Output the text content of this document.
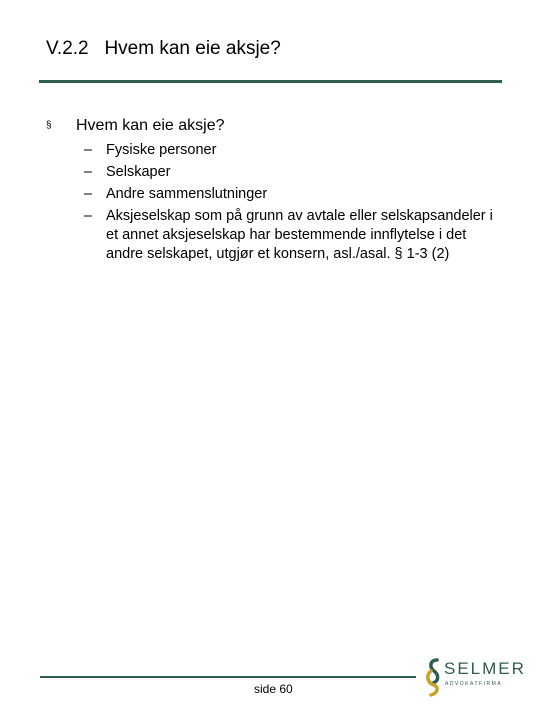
V.2.2   Hvem kan eie aksje?
§	Hvem kan eie aksje?
– Fysiske personer
– Selskaper
– Andre sammenslutninger
– Aksjeselskap som på grunn av avtale eller selskapsandeler i et annet aksjeselskap har bestemmende innflytelse i det andre selskapet, utgjør et konsern, asl./asal. § 1-3 (2)
side 60
SELMER
ADVOKATFIRMA
